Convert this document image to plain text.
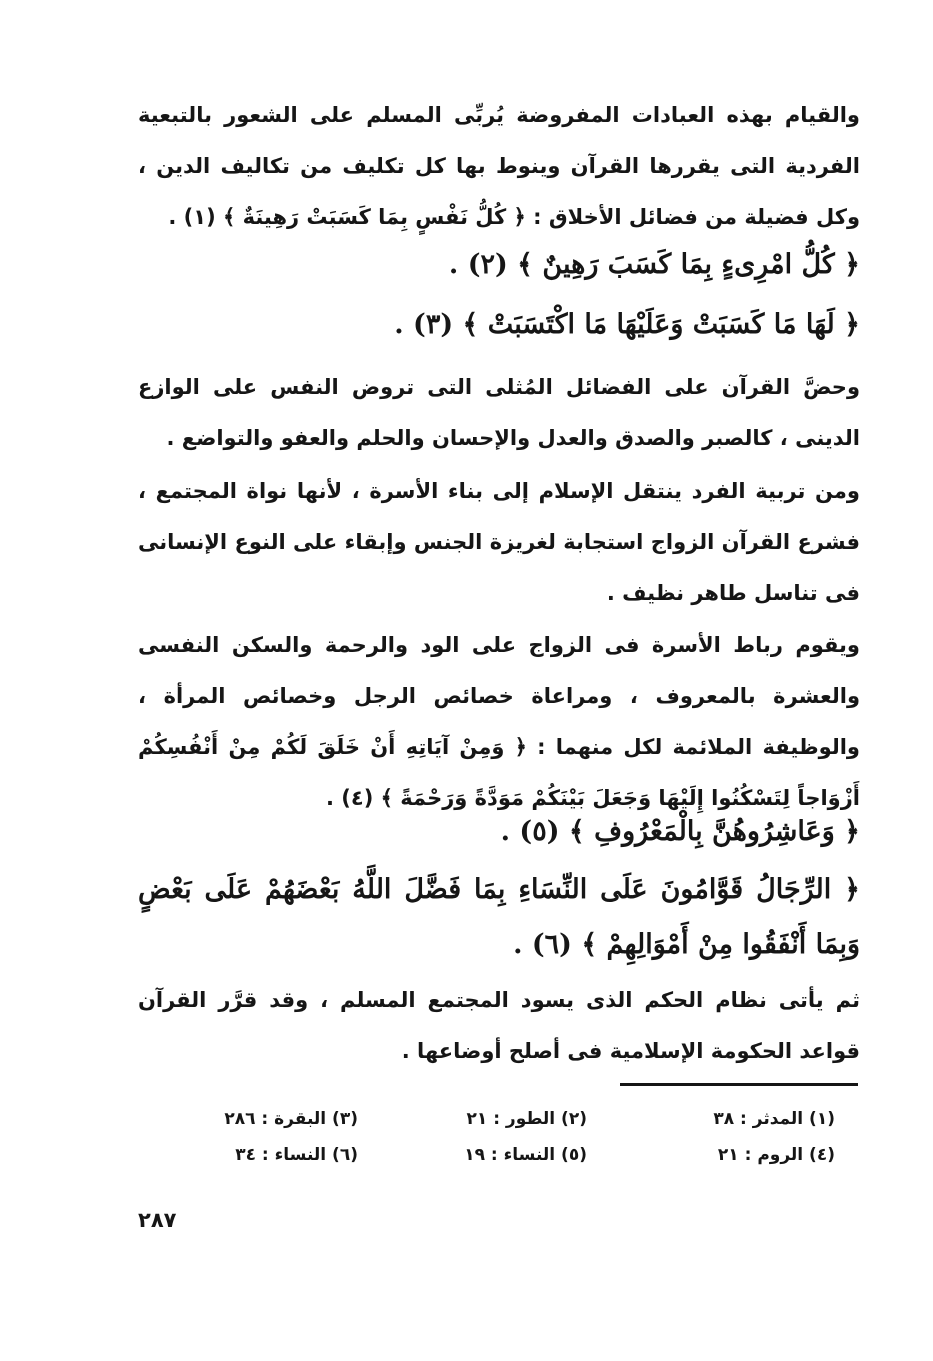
والقيام بهذه العبادات المفروضة يُربِّى المسلم على الشعور بالتبعية الفردية التى يقررها القرآن وينوط بها كل تكليف من تكاليف الدين ، وكل فضيلة من فضائل الأخلاق : ﴿ كُلُّ نَفْسٍ بِمَا كَسَبَتْ رَهِينَةٌ ﴾ (١) .

﴿ كُلُّ امْرِىءٍ بِمَا كَسَبَ رَهِينٌ ﴾ (٢) .

﴿ لَهَا مَا كَسَبَتْ وَعَلَيْهَا مَا اكْتَسَبَتْ ﴾ (٣) .

وحضَّ القرآن على الفضائل المُثلى التى تروض النفس على الوازع الدينى ، كالصبر والصدق والعدل والإحسان والحلم والعفو والتواضع .

ومن تربية الفرد ينتقل الإسلام إلى بناء الأسرة ، لأنها نواة المجتمع ، فشرع القرآن الزواج استجابة لغريزة الجنس وإبقاء على النوع الإنسانى فى تناسل طاهر نظيف .

ويقوم رباط الأسرة فى الزواج على الود والرحمة والسكن النفسى والعشرة بالمعروف ، ومراعاة خصائص الرجل وخصائص المرأة ، والوظيفة الملائمة لكل منهما : ﴿ وَمِنْ آيَاتِهِ أَنْ خَلَقَ لَكُمْ مِنْ أَنْفُسِكُمْ أَزْوَاجاً لِتَسْكُنُوا إِلَيْهَا وَجَعَلَ بَيْنَكُمْ مَوَدَّةً وَرَحْمَةً ﴾ (٤) .

﴿ وَعَاشِرُوهُنَّ بِالْمَعْرُوفِ ﴾ (٥) .

﴿ الرِّجَالُ قَوَّامُونَ عَلَى النِّسَاءِ بِمَا فَضَّلَ اللَّهُ بَعْضَهُمْ عَلَى بَعْضٍ وَبِمَا أَنْفَقُوا مِنْ أَمْوَالِهِمْ ﴾ (٦) .

ثم يأتى نظام الحكم الذى يسود المجتمع المسلم ، وقد قرَّر القرآن قواعد الحكومة الإسلامية فى أصلح أوضاعها .

(١) المدثر : ٣٨
(٢) الطور : ٢١
(٣) البقرة : ٢٨٦
(٤) الروم : ٢١
(٥) النساء : ١٩
(٦) النساء : ٣٤
٢٨٧
